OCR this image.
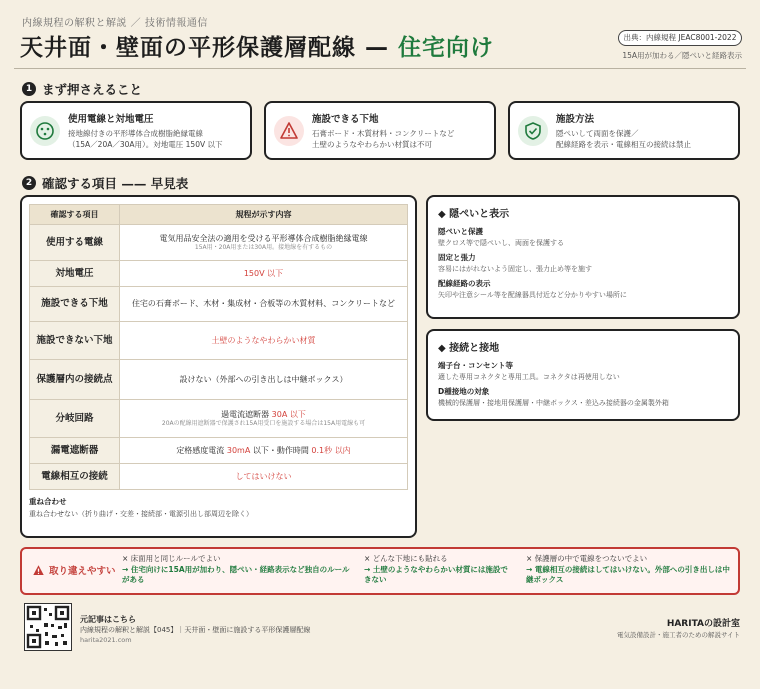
内線規程の解釈と解説 ／ 技術情報通信
天井面・壁面の平形保護層配線 — 住宅向け	出典：内線規程 JEAC8001-2022
15A用が加わる／隠ぺいと経路表示
1 まず押さえること
使用電線と対地電圧
接地線付きの平形導体合成樹脂絶縁電線
（15A／20A／30A用）。対地電圧 150V 以下
施設できる下地
石膏ボード・木質材料・コンクリートなど
土壁のようなやわらかい材質は不可
施設方法
隠ぺいして両面を保護／
配線経路を表示・電線相互の接続は禁止
2 確認する項目 —— 早見表
確認する項目	規程が示す内容
使用する電線	電気用品安全法の適用を受ける平形導体合成樹脂絶縁電線
15A用・20A用または30A用。接地線を有するもの

対地電圧	150V 以下
施設できる下地	住宅の石膏ボード、木材・集成材・合板等の木質材料、コンクリートなど
施設できない下地	土壁のようなやわらかい材質
保護層内の接続点	設けない（外部への引き出しは中継ボックス）
分岐回路	過電流遮断器 30A 以下
20Aの配線用遮断器で保護され15A用受口を施設する場合は15A用電線も可

漏電遮断器	定格感度電流 30mA 以下・動作時間 0.1秒 以内
電線相互の接続	してはいけない
重ね合わせ
重ね合わせない（折り曲げ・交差・接続部・電源引出し部周辺を除く）
◆ 隠ぺいと表示
隠ぺいと保護
壁クロス等で隠ぺいし、両面を保護する
固定と張力
容易にはがれないよう固定し、張力止め等を施す
配線経路の表示
矢印や注意シール等を配線器具付近など分かりやすい場所に
◆ 接続と接地
端子台・コンセント等
適した専用コネクタと専用工具。コネクタは再使用しない
D種接地の対象
機械的保護層・接地用保護層・中継ボックス・差込み接続器の金属製外箱
取り違えやすい
× 床面用と同じルールでよい
→ 住宅向けに15A用が加わり、隠ぺい・経路表示など独自のルールがある
× どんな下地にも貼れる
→ 土壁のようなやわらかい材質には施設できない
× 保護層の中で電線をつないでよい
→ 電線相互の接続はしてはいけない。外部への引き出しは中継ボックス
元記事はこちら
内線規程の解釈と解説【045】｜天井面・壁面に施設する平形保護層配線
harita2021.com
HARITAの設計室
電気設備設計・施工者のための解説サイト
